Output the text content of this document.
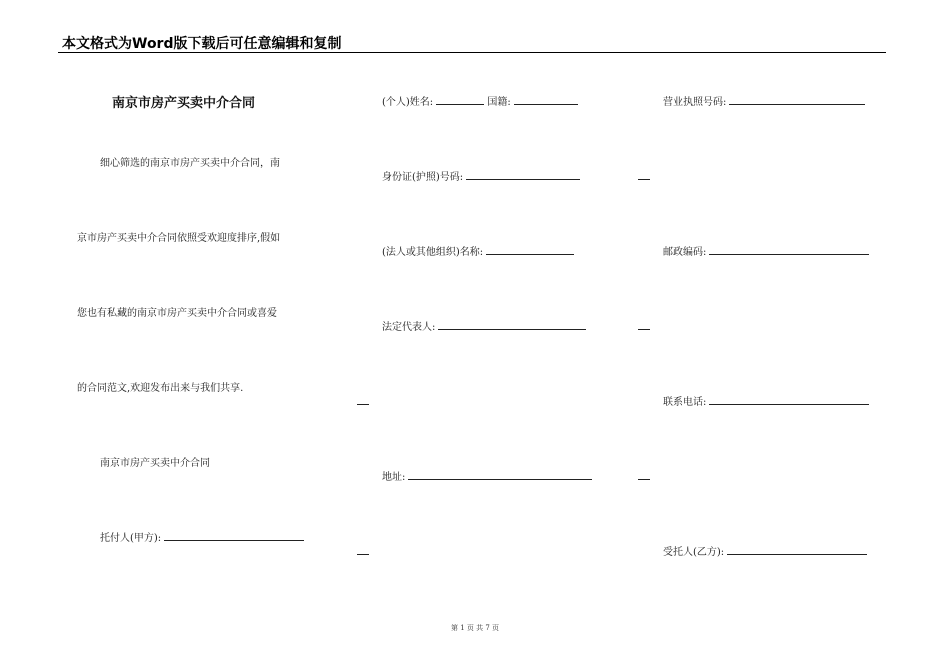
本文格式为Word版下载后可任意编辑和复制
南京市房产买卖中介合同
细心筛选的南京市房产买卖中介合同，南
京市房产买卖中介合同依照受欢迎度排序,假如
您也有私藏的南京市房产买卖中介合同或喜爱
的合同范文,欢迎发布出来与我们共享.
南京市房产买卖中介合同
托付人(甲方):
(个人)姓名:	国籍:
身份证(护照)号码:
(法人或其他组织)名称:
法定代表人:
地址:
营业执照号码:
邮政编码:
联系电话:
受托人(乙方):
第 1 页 共 7 页
